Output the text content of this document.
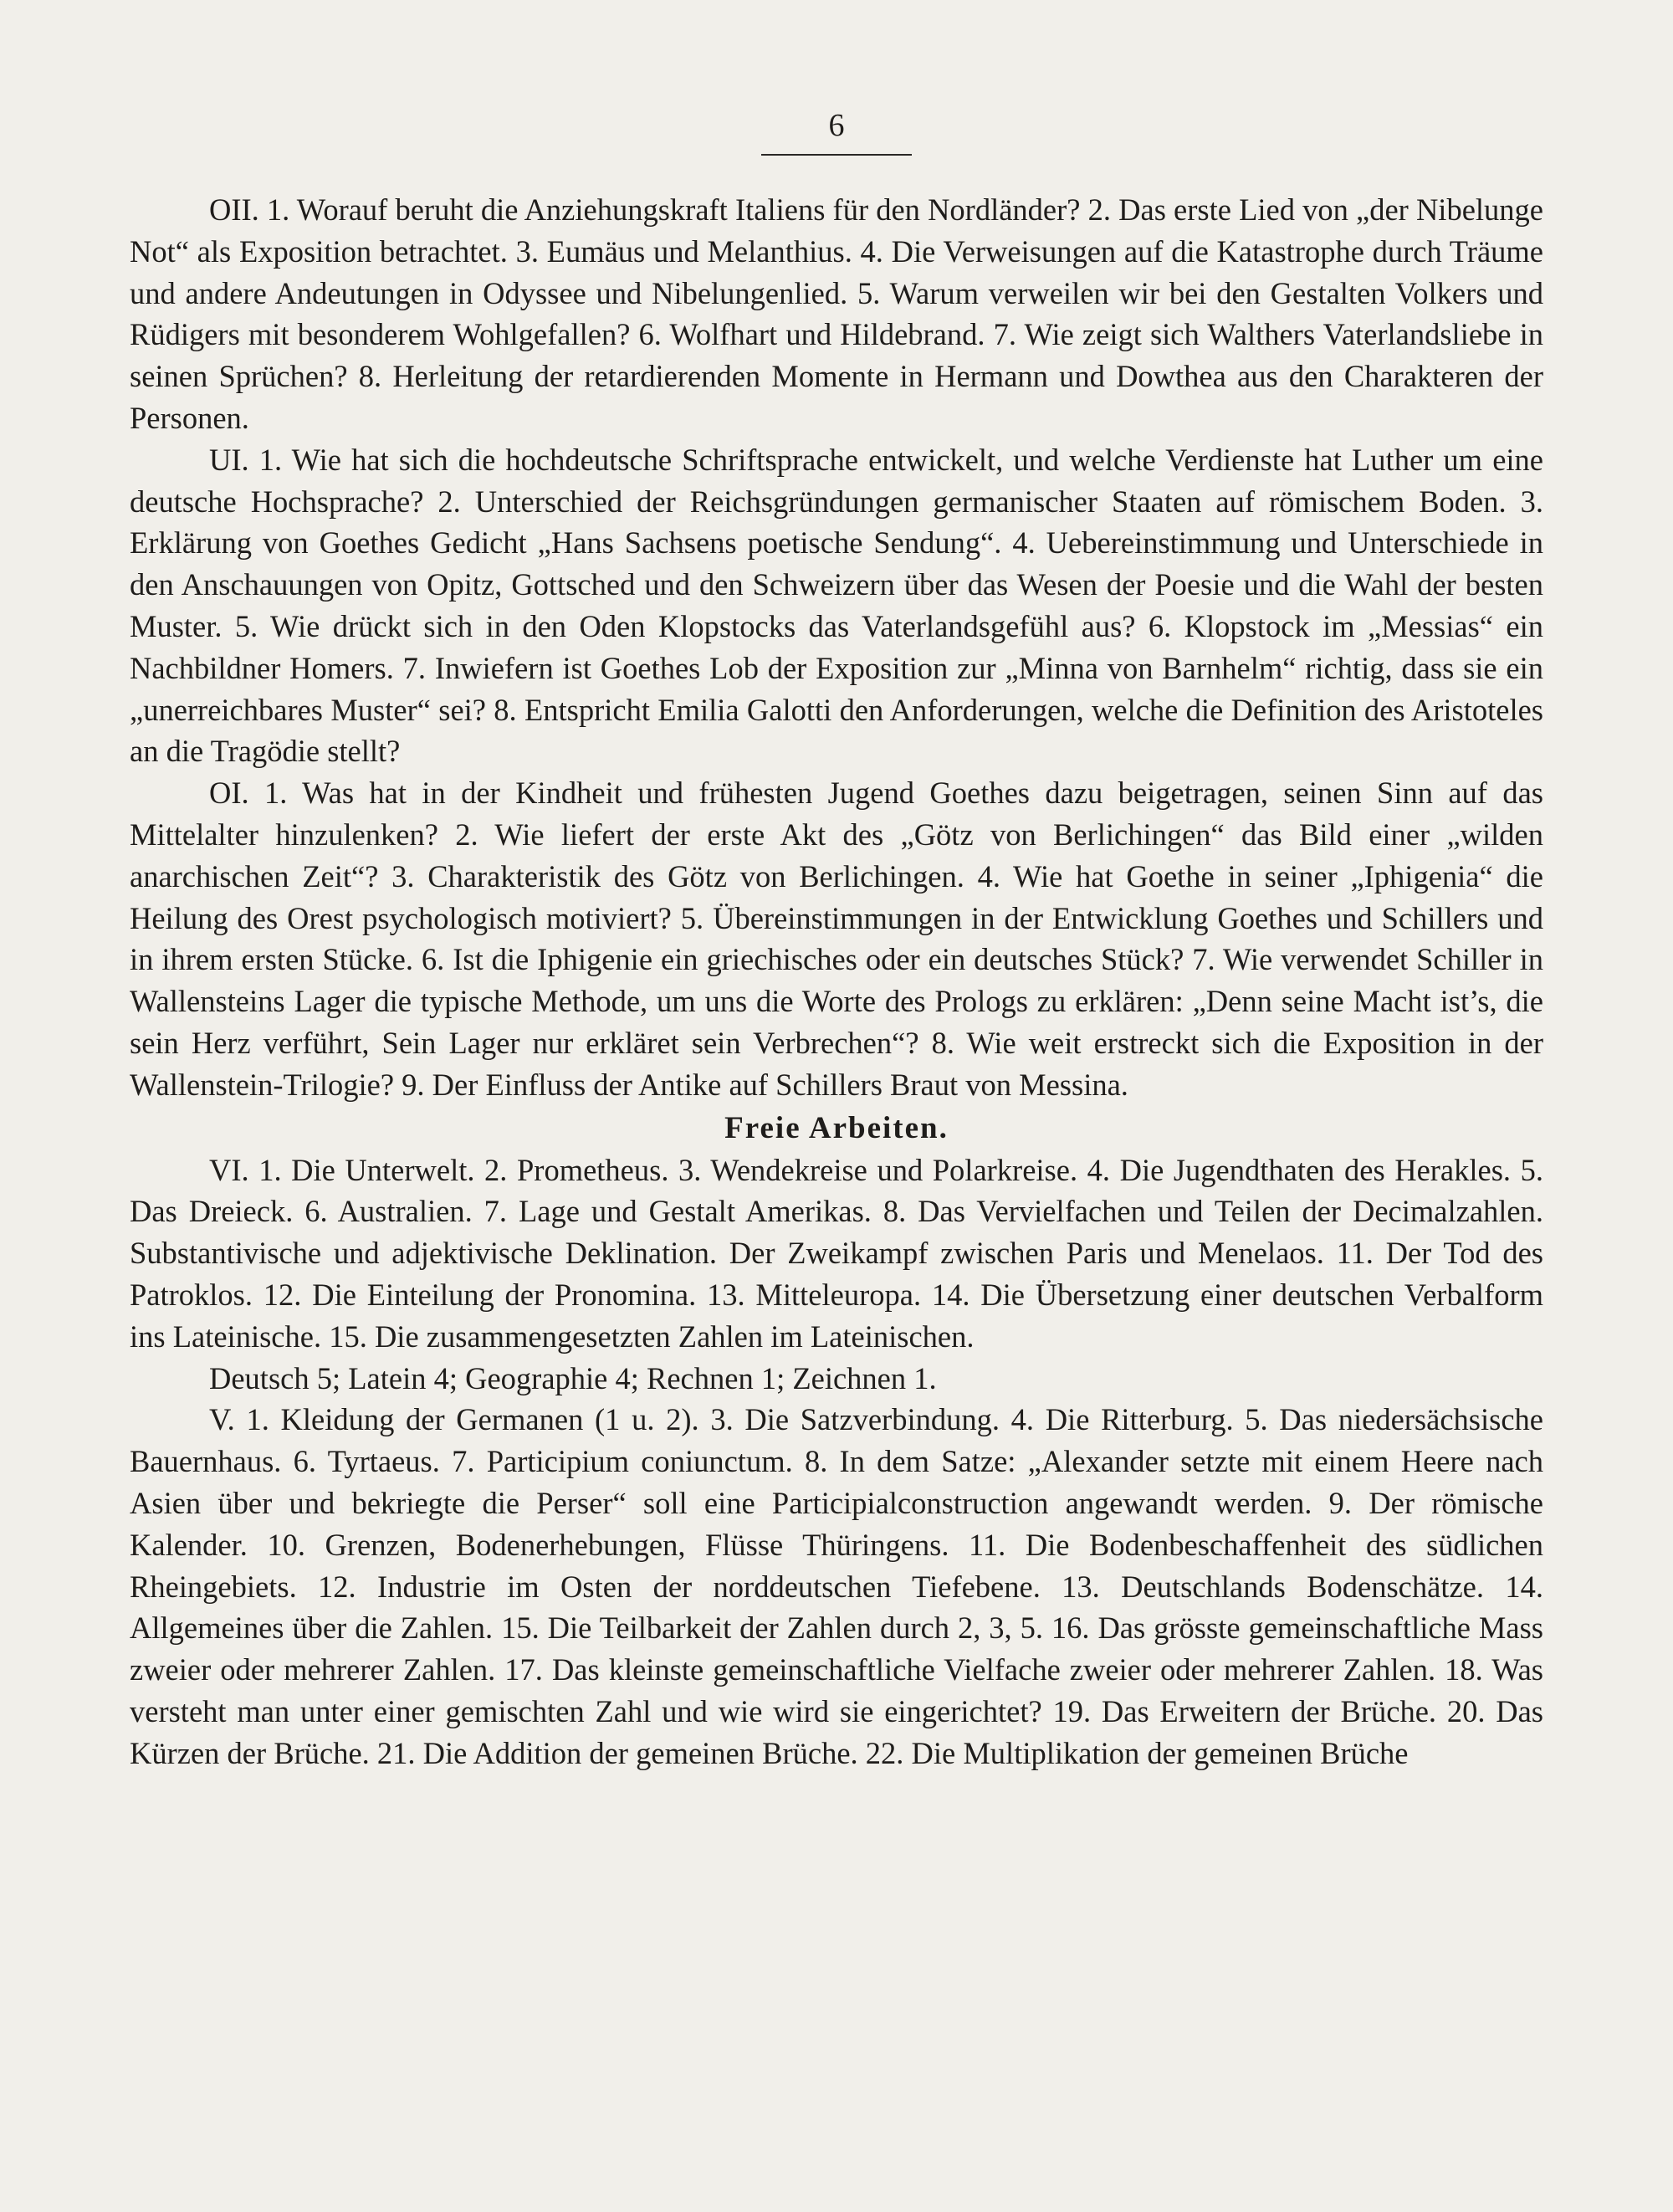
6

OII. 1. Worauf beruht die Anziehungskraft Italiens für den Nordländer? 2. Das erste Lied von „der Nibelunge Not“ als Exposition betrachtet. 3. Eumäus und Melanthius. 4. Die Verweisungen auf die Katastrophe durch Träume und andere Andeutungen in Odyssee und Nibelungenlied. 5. Warum verweilen wir bei den Gestalten Volkers und Rüdigers mit besonderem Wohlgefallen? 6. Wolfhart und Hildebrand. 7. Wie zeigt sich Walthers Vaterlandsliebe in seinen Sprüchen? 8. Herleitung der retardierenden Momente in Hermann und Dowthea aus den Charakteren der Personen.

UI. 1. Wie hat sich die hochdeutsche Schriftsprache entwickelt, und welche Verdienste hat Luther um eine deutsche Hochsprache? 2. Unterschied der Reichsgründungen germanischer Staaten auf römischem Boden. 3. Erklärung von Goethes Gedicht „Hans Sachsens poetische Sendung“. 4. Uebereinstimmung und Unterschiede in den Anschauungen von Opitz, Gottsched und den Schweizern über das Wesen der Poesie und die Wahl der besten Muster. 5. Wie drückt sich in den Oden Klopstocks das Vaterlandsgefühl aus? 6. Klopstock im „Messias“ ein Nachbildner Homers. 7. Inwiefern ist Goethes Lob der Exposition zur „Minna von Barnhelm“ richtig, dass sie ein „unerreichbares Muster“ sei? 8. Entspricht Emilia Galotti den Anforderungen, welche die Definition des Aristoteles an die Tragödie stellt?

OI. 1. Was hat in der Kindheit und frühesten Jugend Goethes dazu beigetragen, seinen Sinn auf das Mittelalter hinzulenken? 2. Wie liefert der erste Akt des „Götz von Berlichingen“ das Bild einer „wilden anarchischen Zeit“? 3. Charakteristik des Götz von Berlichingen. 4. Wie hat Goethe in seiner „Iphigenia“ die Heilung des Orest psychologisch motiviert? 5. Übereinstimmungen in der Entwicklung Goethes und Schillers und in ihrem ersten Stücke. 6. Ist die Iphigenie ein griechisches oder ein deutsches Stück? 7. Wie verwendet Schiller in Wallensteins Lager die typische Methode, um uns die Worte des Prologs zu erklären: „Denn seine Macht ist’s, die sein Herz verführt, Sein Lager nur erkläret sein Verbrechen“? 8. Wie weit erstreckt sich die Exposition in der Wallenstein-Trilogie? 9. Der Einfluss der Antike auf Schillers Braut von Messina.

Freie Arbeiten.

VI. 1. Die Unterwelt. 2. Prometheus. 3. Wendekreise und Polarkreise. 4. Die Jugendthaten des Herakles. 5. Das Dreieck. 6. Australien. 7. Lage und Gestalt Amerikas. 8. Das Vervielfachen und Teilen der Decimalzahlen. Substantivische und adjektivische Deklination. Der Zweikampf zwischen Paris und Menelaos. 11. Der Tod des Patroklos. 12. Die Einteilung der Pronomina. 13. Mitteleuropa. 14. Die Übersetzung einer deutschen Verbalform ins Lateinische. 15. Die zusammengesetzten Zahlen im Lateinischen.

Deutsch 5; Latein 4; Geographie 4; Rechnen 1; Zeichnen 1.

V. 1. Kleidung der Germanen (1 u. 2). 3. Die Satzverbindung. 4. Die Ritterburg. 5. Das niedersächsische Bauernhaus. 6. Tyrtaeus. 7. Participium coniunctum. 8. In dem Satze: „Alexander setzte mit einem Heere nach Asien über und bekriegte die Perser“ soll eine Participialconstruction angewandt werden. 9. Der römische Kalender. 10. Grenzen, Bodenerhebungen, Flüsse Thüringens. 11. Die Bodenbeschaffenheit des südlichen Rheingebiets. 12. Industrie im Osten der norddeutschen Tiefebene. 13. Deutschlands Bodenschätze. 14. Allgemeines über die Zahlen. 15. Die Teilbarkeit der Zahlen durch 2, 3, 5. 16. Das grösste gemeinschaftliche Mass zweier oder mehrerer Zahlen. 17. Das kleinste gemeinschaftliche Vielfache zweier oder mehrerer Zahlen. 18. Was versteht man unter einer gemischten Zahl und wie wird sie eingerichtet? 19. Das Erweitern der Brüche. 20. Das Kürzen der Brüche. 21. Die Addition der gemeinen Brüche. 22. Die Multiplikation der gemeinen Brüche
